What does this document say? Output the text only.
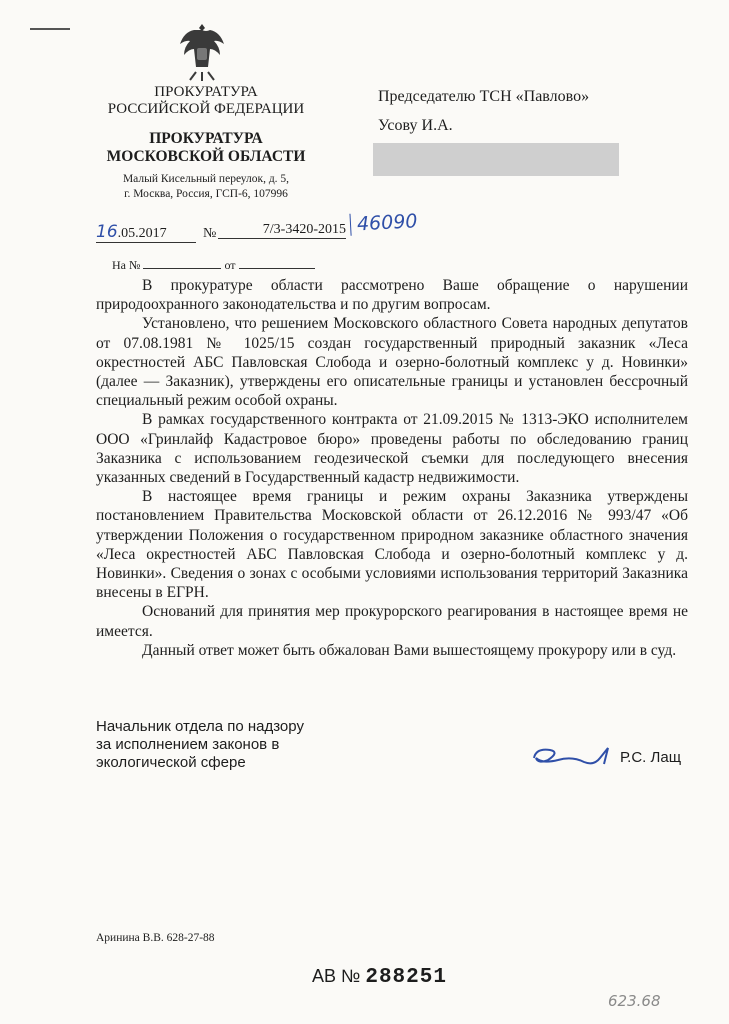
ПРОКУРАТУРА
РОССИЙСКОЙ ФЕДЕРАЦИИ
ПРОКУРАТУРА
МОСКОВСКОЙ ОБЛАСТИ
Малый Кисельный переулок, д. 5,
г. Москва, Россия, ГСП-6, 107996
Председателю ТСН «Павлово»
Усову И.А.
16.05.2017	№	7/3-3420-2015 46090
На №	от

В прокуратуре области рассмотрено Ваше обращение о нарушении природоохранного законодательства и по другим вопросам.

Установлено, что решением Московского областного Совета народных депутатов от 07.08.1981 № 1025/15 создан государственный природный заказник «Леса окрестностей АБС Павловская Слобода и озерно-болотный комплекс у д. Новинки» (далее — Заказник), утверждены его описательные границы и установлен бессрочный специальный режим особой охраны.

В рамках государственного контракта от 21.09.2015 № 1313-ЭКО исполнителем ООО «Гринлайф Кадастровое бюро» проведены работы по обследованию границ Заказника с использованием геодезической съемки для последующего внесения указанных сведений в Государственный кадастр недвижимости.

В настоящее время границы и режим охраны Заказника утверждены постановлением Правительства Московской области от 26.12.2016 № 993/47 «Об утверждении Положения о государственном природном заказнике областного значения «Леса окрестностей АБС Павловская Слобода и озерно-болотный комплекс у д. Новинки». Сведения о зонах с особыми условиями использования территорий Заказника внесены в ЕГРН.

Оснований для принятия мер прокурорского реагирования в настоящее время не имеется.

Данный ответ может быть обжалован Вами вышестоящему прокурору или в суд.

Начальник отдела по надзору
за исполнением законов в
экологической сфере	Р.С. Лащ
Аринина В.В. 628-27-88
АВ № 288251
623.68
